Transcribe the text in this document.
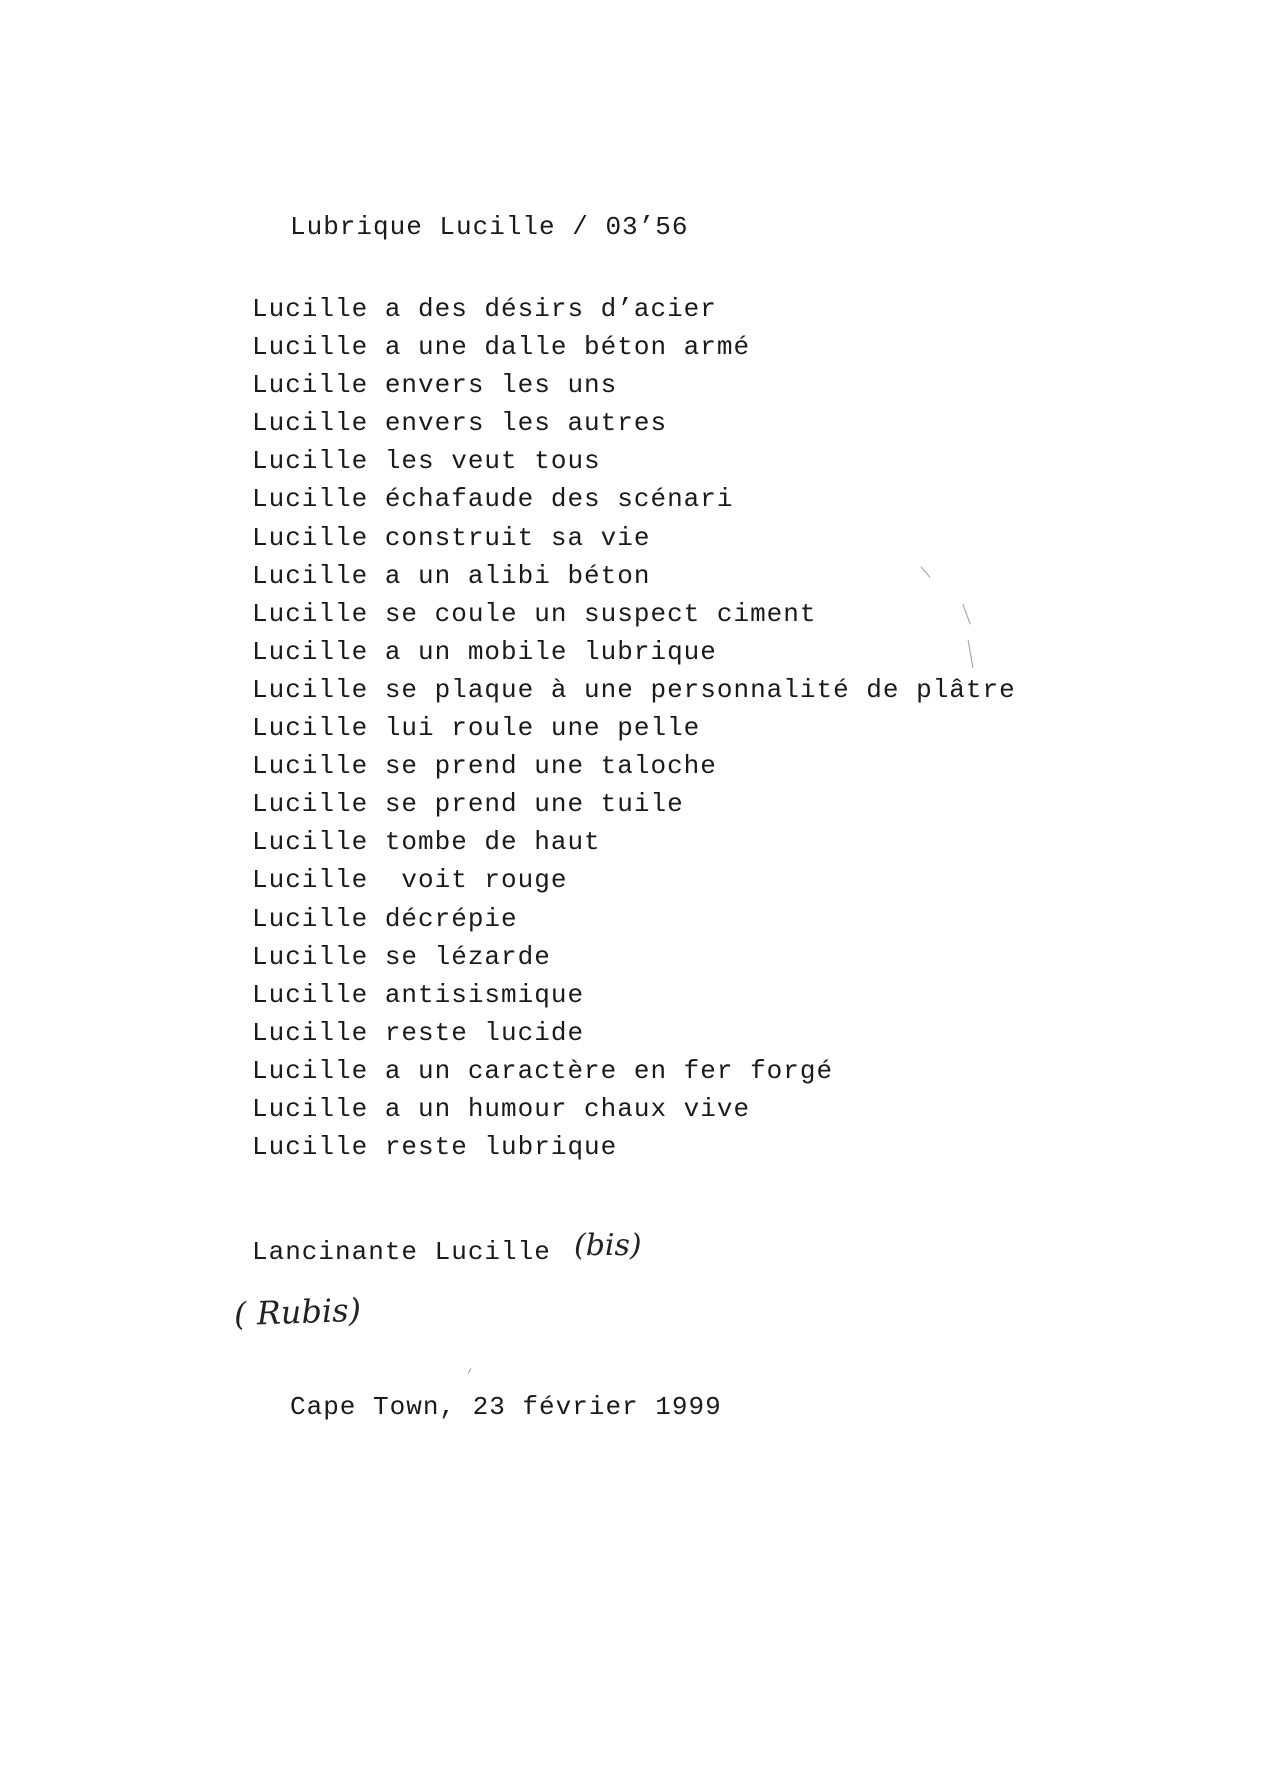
Lubrique Lucille / 03’56
Lucille a des désirs d’acier
Lucille a une dalle béton armé
Lucille envers les uns
Lucille envers les autres
Lucille les veut tous
Lucille échafaude des scénari
Lucille construit sa vie
Lucille a un alibi béton
Lucille se coule un suspect ciment
Lucille a un mobile lubrique
Lucille se plaque à une personnalité de plâtre
Lucille lui roule une pelle
Lucille se prend une taloche
Lucille se prend une tuile
Lucille tombe de haut
Lucille  voit rouge
Lucille décrépie
Lucille se lézarde
Lucille antisismique
Lucille reste lucide
Lucille a un caractère en fer forgé
Lucille a un humour chaux vive
Lucille reste lubrique
Lancinante Lucille (bis)
( Rubis)
Cape Town, 23 février 1999
